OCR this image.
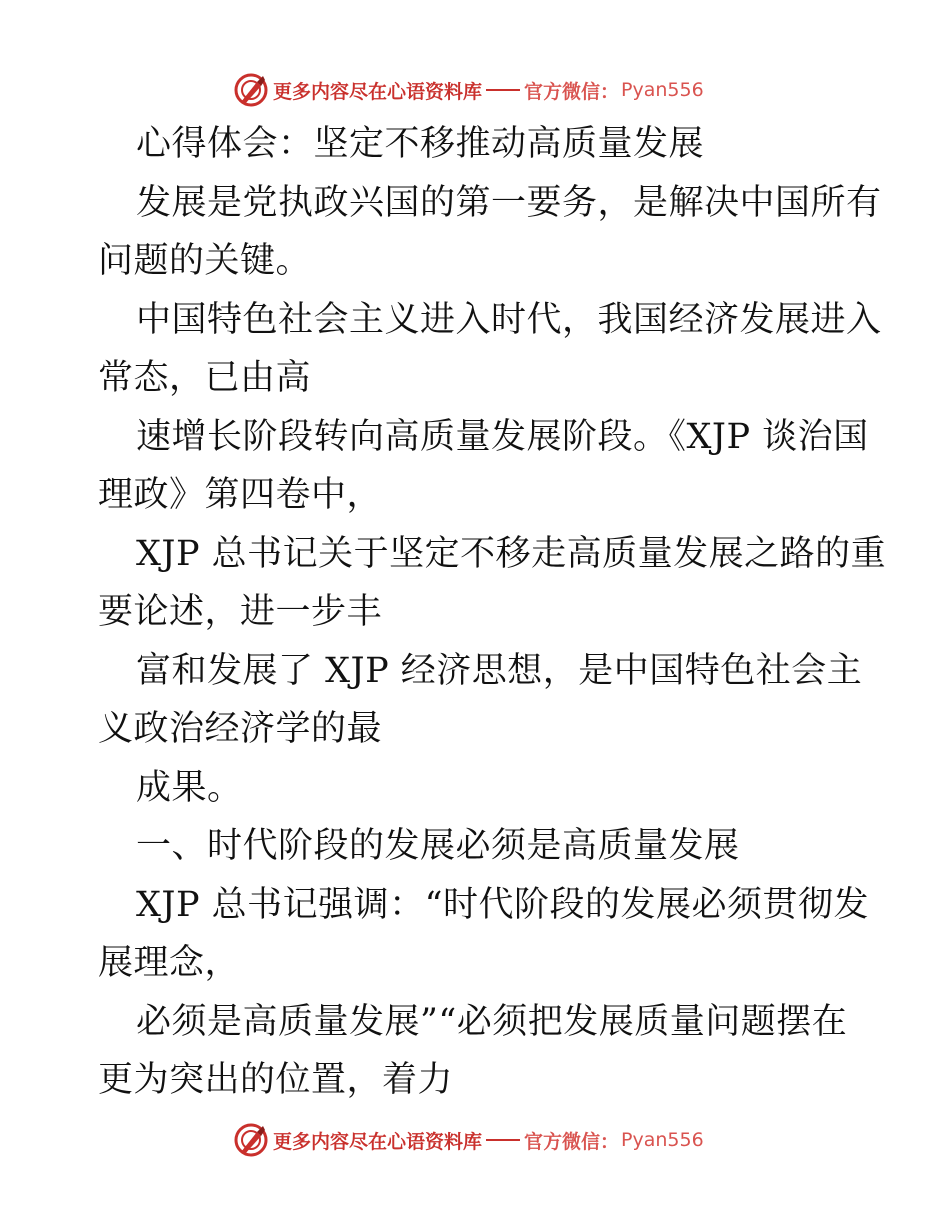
更多内容尽在心语资料库 官方微信： Pyan556
心得体会：坚定不移推动高质量发展
发展是党执政兴国的第一要务，是解决中国所有
问题的关键。
中国特色社会主义进入时代，我国经济发展进入
常态，已由高
速增长阶段转向高质量发展阶段。《XJP 谈治国
理政》第四卷中，
XJP 总书记关于坚定不移走高质量发展之路的重
要论述，进一步丰
富和发展了 XJP 经济思想，是中国特色社会主
义政治经济学的最
成果。
一、时代阶段的发展必须是高质量发展
XJP 总书记强调：“时代阶段的发展必须贯彻发
展理念，
必须是高质量发展”“必须把发展质量问题摆在
更为突出的位置，着力
更多内容尽在心语资料库 官方微信： Pyan556
